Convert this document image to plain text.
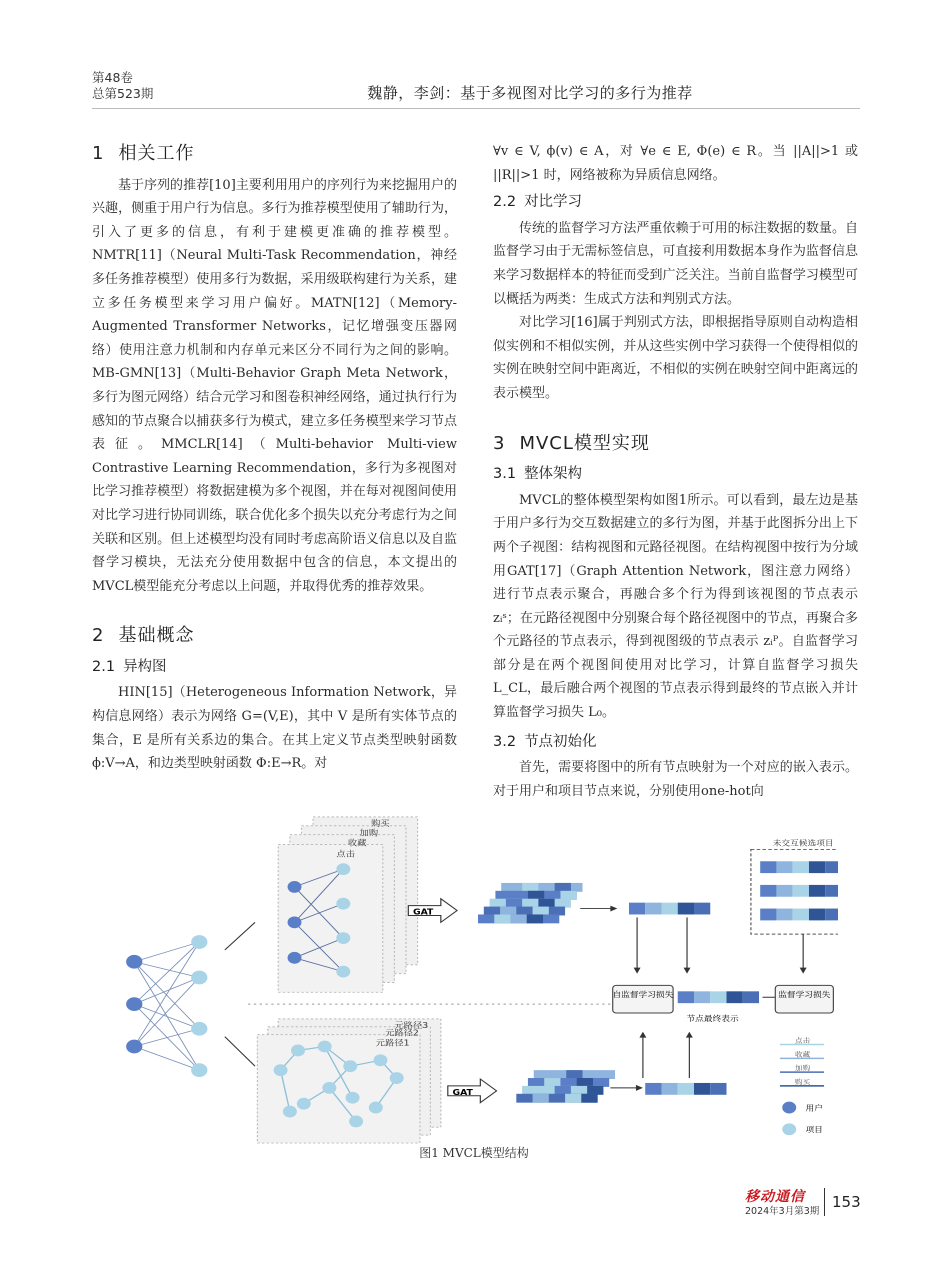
第48卷
总第523期	魏静，李剑：基于多视图对比学习的多行为推荐
1 相关工作

基于序列的推荐[10]主要利用用户的序列行为来挖掘用户的兴趣，侧重于用户行为信息。多行为推荐模型使用了辅助行为，引入了更多的信息，有利于建模更准确的推荐模型。NMTR[11]（Neural Multi-Task Recommendation，神经多任务推荐模型）使用多行为数据，采用级联构建行为关系，建立多任务模型来学习用户偏好。MATN[12]（Memory-Augmented Transformer Networks，记忆增强变压器网络）使用注意力机制和内存单元来区分不同行为之间的影响。MB-GMN[13]（Multi-Behavior Graph Meta Network，多行为图元网络）结合元学习和图卷积神经网络，通过执行行为感知的节点聚合以捕获多行为模式，建立多任务模型来学习节点表征。MMCLR[14]（Multi-behavior Multi-view Contrastive Learning Recommendation，多行为多视图对比学习推荐模型）将数据建模为多个视图，并在每对视图间使用对比学习进行协同训练，联合优化多个损失以充分考虑行为之间关联和区别。但上述模型均没有同时考虑高阶语义信息以及自监督学习模块，无法充分使用数据中包含的信息，本文提出的MVCL模型能充分考虑以上问题，并取得优秀的推荐效果。

2 基础概念
2.1 异构图

HIN[15]（Heterogeneous Information Network，异构信息网络）表示为网络 G=(V,E)，其中 V 是所有实体节点的集合，E 是所有关系边的集合。在其上定义节点类型映射函数 ϕ:V→A，和边类型映射函数 Φ:E→R。对

∀v ∈ V, ϕ(v) ∈ A，对 ∀e ∈ E, Φ(e) ∈ R。当 ||A||>1 或 ||R||>1 时，网络被称为异质信息网络。

2.2 对比学习

传统的监督学习方法严重依赖于可用的标注数据的数量。自监督学习由于无需标签信息，可直接利用数据本身作为监督信息来学习数据样本的特征而受到广泛关注。当前自监督学习模型可以概括为两类：生成式方法和判别式方法。

对比学习[16]属于判别式方法，即根据指导原则自动构造相似实例和不相似实例，并从这些实例中学习获得一个使得相似的实例在映射空间中距离近，不相似的实例在映射空间中距离远的表示模型。

3 MVCL模型实现
3.1 整体架构

MVCL的整体模型架构如图1所示。可以看到，最左边是基于用户多行为交互数据建立的多行为图，并基于此图拆分出上下两个子视图：结构视图和元路径视图。在结构视图中按行为分域用GAT[17]（Graph Attention Network，图注意力网络）进行节点表示聚合，再融合多个行为得到该视图的节点表示 zᵢˢ；在元路径视图中分别聚合每个路径视图中的节点，再聚合多个元路径的节点表示，得到视图级的节点表示 zᵢᴾ。自监督学习部分是在两个视图间使用对比学习，计算自监督学习损失 L_CL，最后融合两个视图的节点表示得到最终的节点嵌入并计算监督学习损失 L₀。

3.2 节点初始化

首先，需要将图中的所有节点映射为一个对应的嵌入表示。对于用户和项目节点来说，分别使用one-hot向

购买
加购
收藏
点击
元路径3
元路径2
元路径1
GAT
GAT
自监督学习损失
节点最终表示
未交互候选项目
监督学习损失
点击
收藏
加购
购买
用户
项目
图1 MVCL模型结构
移动通信
2024年3月第3期
153
